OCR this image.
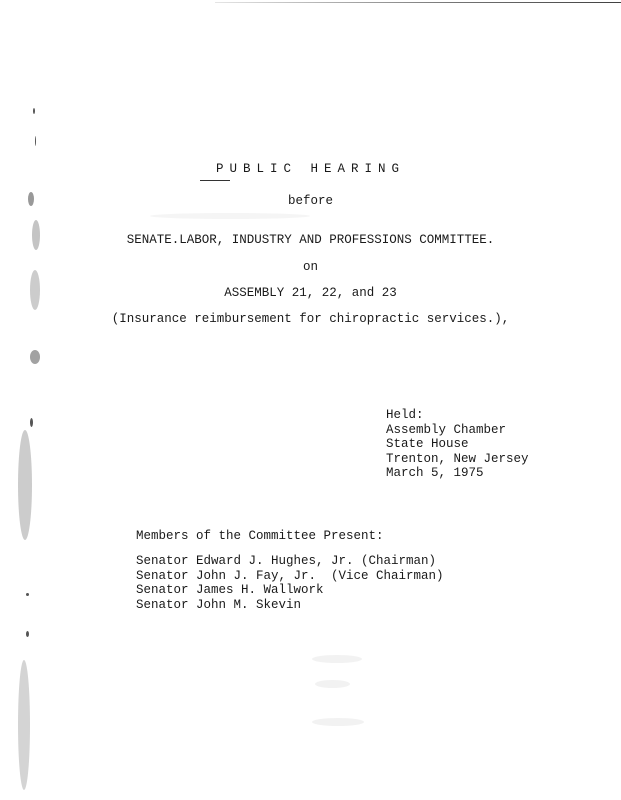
PUBLIC HEARING
before
SENATE.LABOR, INDUSTRY AND PROFESSIONS COMMITTEE.
on
ASSEMBLY 21, 22, and 23
(Insurance reimbursement for chiropractic services.),
Held:
Assembly Chamber
State House
Trenton, New Jersey
March 5, 1975
Members of the Committee Present:
Senator Edward J. Hughes, Jr. (Chairman)
Senator John J. Fay, Jr.  (Vice Chairman)
Senator James H. Wallwork
Senator John M. Skevin
